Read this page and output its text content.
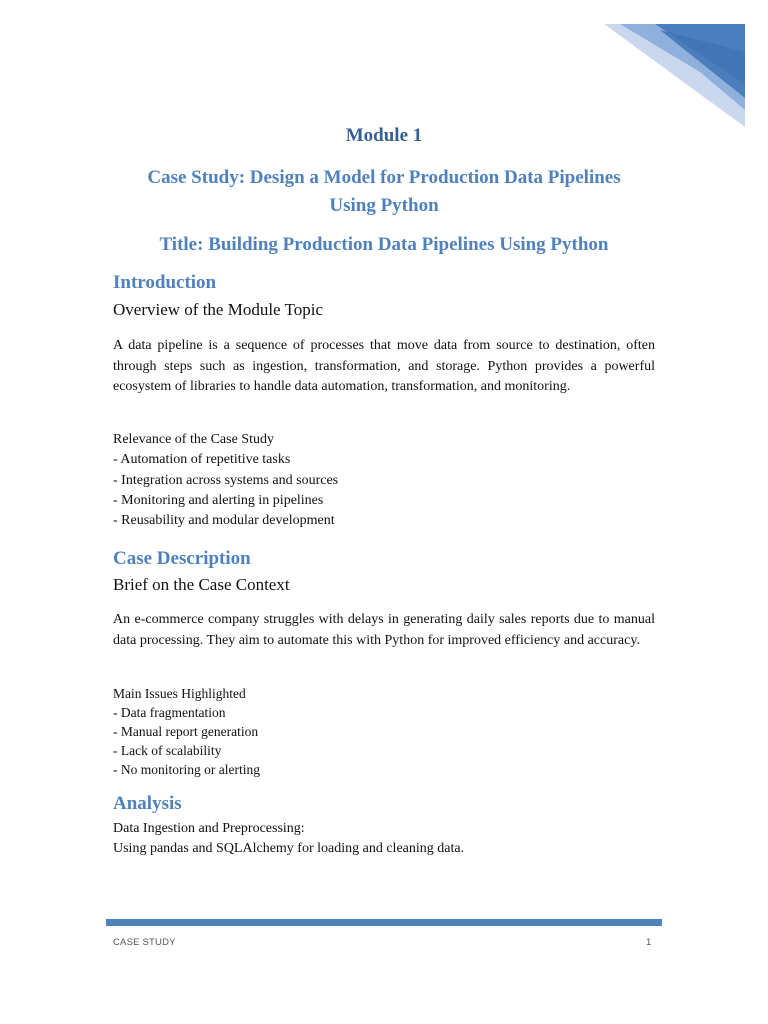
Module 1
Case Study: Design a Model for Production Data Pipelines
Using Python
Title: Building Production Data Pipelines Using Python
Introduction
Overview of the Module Topic

A data pipeline is a sequence of processes that move data from source to destination, often through steps such as ingestion, transformation, and storage. Python provides a powerful ecosystem of libraries to handle data automation, transformation, and monitoring.

Relevance of the Case Study
- Automation of repetitive tasks
- Integration across systems and sources
- Monitoring and alerting in pipelines
- Reusability and modular development
Case Description
Brief on the Case Context

An e-commerce company struggles with delays in generating daily sales reports due to manual data processing. They aim to automate this with Python for improved efficiency and accuracy.

Main Issues Highlighted
- Data fragmentation
- Manual report generation
- Lack of scalability
- No monitoring or alerting
Analysis
Data Ingestion and Preprocessing:
Using pandas and SQLAlchemy for loading and cleaning data.
CASE STUDY	1
